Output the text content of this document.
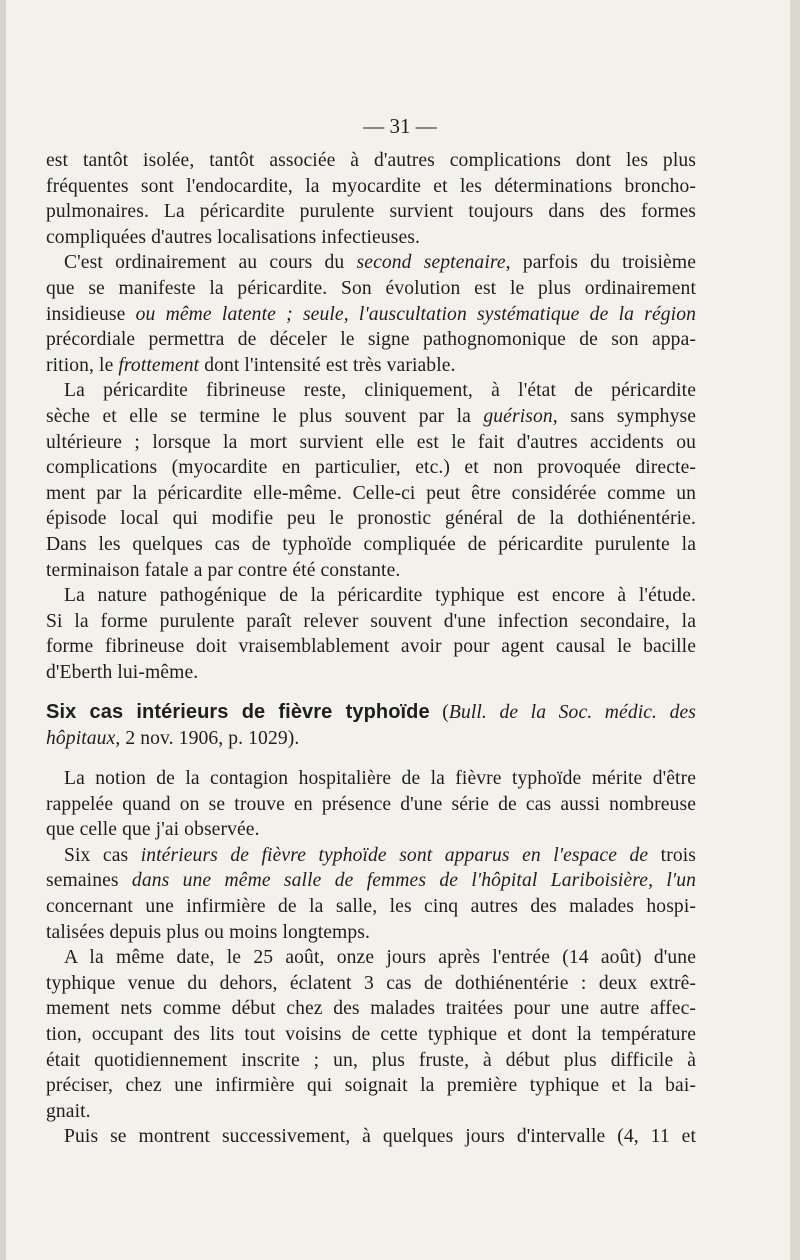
— 31 —
est tantôt isolée, tantôt associée à d'autres complications dont les plus
fréquentes sont l'endocardite, la myocardite et les déterminations broncho-
pulmonaires. La péricardite purulente survient toujours dans des formes
compliquées d'autres localisations infectieuses.
C'est ordinairement au cours du second septenaire, parfois du troisième
que se manifeste la péricardite. Son évolution est le plus ordinairement
insidieuse ou même latente ; seule, l'auscultation systématique de la région
précordiale permettra de déceler le signe pathognomonique de son appa-
rition, le frottement dont l'intensité est très variable.
La péricardite fibrineuse reste, cliniquement, à l'état de péricardite
sèche et elle se termine le plus souvent par la guérison, sans symphyse
ultérieure ; lorsque la mort survient elle est le fait d'autres accidents ou
complications (myocardite en particulier, etc.) et non provoquée directe-
ment par la péricardite elle-même. Celle-ci peut être considérée comme un
épisode local qui modifie peu le pronostic général de la dothiénentérie.
Dans les quelques cas de typhoïde compliquée de péricardite purulente la
terminaison fatale a par contre été constante.
La nature pathogénique de la péricardite typhique est encore à l'étude.
Si la forme purulente paraît relever souvent d'une infection secondaire, la
forme fibrineuse doit vraisemblablement avoir pour agent causal le bacille
d'Eberth lui-même.
Six cas intérieurs de fièvre typhoïde (Bull. de la Soc. médic. des
hôpitaux, 2 nov. 1906, p. 1029).
La notion de la contagion hospitalière de la fièvre typhoïde mérite d'être
rappelée quand on se trouve en présence d'une série de cas aussi nombreuse
que celle que j'ai observée.
Six cas intérieurs de fièvre typhoïde sont apparus en l'espace de trois
semaines dans une même salle de femmes de l'hôpital Lariboisière, l'un
concernant une infirmière de la salle, les cinq autres des malades hospi-
talisées depuis plus ou moins longtemps.
A la même date, le 25 août, onze jours après l'entrée (14 août) d'une
typhique venue du dehors, éclatent 3 cas de dothiénentérie : deux extrê-
mement nets comme début chez des malades traitées pour une autre affec-
tion, occupant des lits tout voisins de cette typhique et dont la température
était quotidiennement inscrite ; un, plus fruste, à début plus difficile à
préciser, chez une infirmière qui soignait la première typhique et la bai-
gnait.
Puis se montrent successivement, à quelques jours d'intervalle (4, 11 et
